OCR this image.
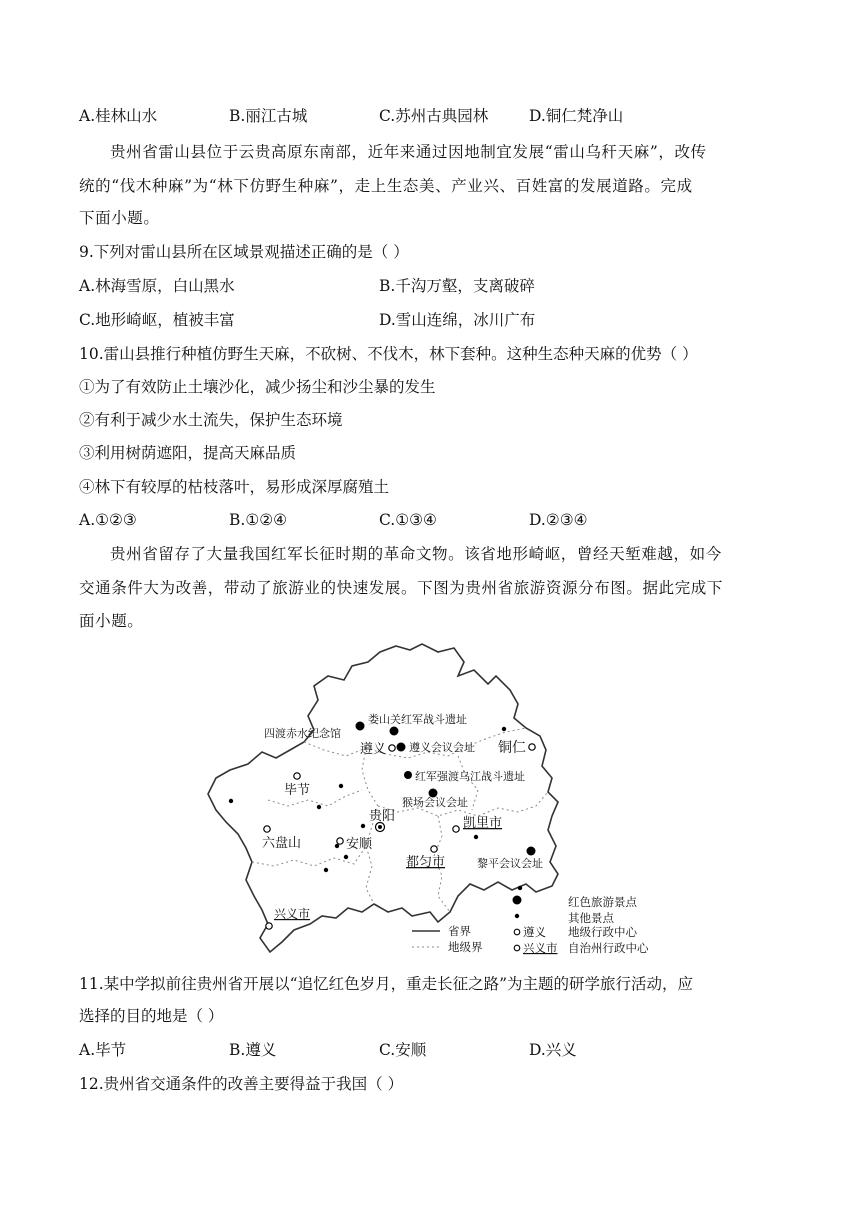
A.桂林山水	B.丽江古城	C.苏州古典园林	D.铜仁梵净山
贵州省雷山县位于云贵高原东南部，近年来通过因地制宜发展“雷山乌秆天麻”，改传
统的“伐木种麻”为“林下仿野生种麻”，走上生态美、产业兴、百姓富的发展道路。完成
下面小题。
9.下列对雷山县所在区域景观描述正确的是（ ）
A.林海雪原，白山黑水	B.千沟万壑，支离破碎
C.地形崎岖，植被丰富	D.雪山连绵，冰川广布
10.雷山县推行种植仿野生天麻，不砍树、不伐木，林下套种。这种生态种天麻的优势（ ）
①为了有效防止土壤沙化，减少扬尘和沙尘暴的发生
②有利于减少水土流失，保护生态环境
③利用树荫遮阳，提高天麻品质
④林下有较厚的枯枝落叶，易形成深厚腐殖土
A.①②③	B.①②④	C.①③④	D.②③④
贵州省留存了大量我国红军长征时期的革命文物。该省地形崎岖，曾经天堑难越，如今
交通条件大为改善，带动了旅游业的快速发展。下图为贵州省旅游资源分布图。据此完成下
面小题。
娄山关红军战斗遗址
四渡赤水纪念馆
遵义会议会址
红军强渡乌江战斗遗址
猴场会议会址
黎平会议会址
遵义	铜仁
毕节
贵阳
六盘山	安顺
凯里市
都匀市
兴义市
红色旅游景点
其他景点
省界	遵义 地级行政中心
地级界	兴义市 自治州行政中心
11.某中学拟前往贵州省开展以“追忆红色岁月，重走长征之路”为主题的研学旅行活动，应
选择的目的地是（ ）
A.毕节	B.遵义	C.安顺	D.兴义
12.贵州省交通条件的改善主要得益于我国（ ）
